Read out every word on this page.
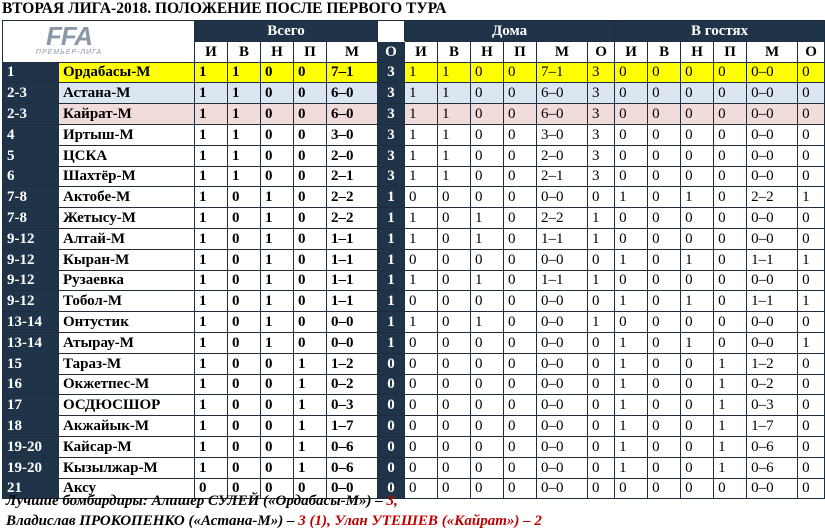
ВТОРАЯ ЛИГА-2018. ПОЛОЖЕНИЕ ПОСЛЕ ПЕРВОГО ТУРА
FFA
ПРЕМЬЕР-ЛИГА		Всего						Дома						В гостях					
		И	В	Н	П	М	О	И	В	Н	П	М	О	И	В	Н	П	М	О
1	Ордабасы-М	1	1	0	0	7–1	3	1	1	0	0	7–1	3	0	0	0	0	0–0	0
2-3	Астана-М	1	1	0	0	6–0	3	1	1	0	0	6–0	3	0	0	0	0	0–0	0
2-3	Кайрат-М	1	1	0	0	6–0	3	1	1	0	0	6–0	3	0	0	0	0	0–0	0
4	Иртыш-М	1	1	0	0	3–0	3	1	1	0	0	3–0	3	0	0	0	0	0–0	0
5	ЦСКА	1	1	0	0	2–0	3	1	1	0	0	2–0	3	0	0	0	0	0–0	0
6	Шахтёр-М	1	1	0	0	2–1	3	1	1	0	0	2–1	3	0	0	0	0	0–0	0
7-8	Актобе-М	1	0	1	0	2–2	1	0	0	0	0	0–0	0	1	0	1	0	2–2	1
7-8	Жетысу-М	1	0	1	0	2–2	1	1	0	1	0	2–2	1	0	0	0	0	0–0	0
9-12	Алтай-М	1	0	1	0	1–1	1	1	0	1	0	1–1	1	0	0	0	0	0–0	0
9-12	Кыран-М	1	0	1	0	1–1	1	0	0	0	0	0–0	0	1	0	1	0	1–1	1
9-12	Рузаевка	1	0	1	0	1–1	1	1	0	1	0	1–1	1	0	0	0	0	0–0	0
9-12	Тобол-М	1	0	1	0	1–1	1	0	0	0	0	0–0	0	1	0	1	0	1–1	1
13-14	Онтустик	1	0	1	0	0–0	1	1	0	1	0	0–0	1	0	0	0	0	0–0	0
13-14	Атырау-М	1	0	1	0	0–0	1	0	0	0	0	0–0	0	1	0	1	0	0–0	1
15	Тараз-М	1	0	0	1	1–2	0	0	0	0	0	0–0	0	1	0	0	1	1–2	0
16	Окжетпес-М	1	0	0	1	0–2	0	0	0	0	0	0–0	0	1	0	0	1	0–2	0
17	ОСДЮСШОР	1	0	0	1	0–3	0	0	0	0	0	0–0	0	1	0	0	1	0–3	0
18	Акжайык-М	1	0	0	1	1–7	0	0	0	0	0	0–0	0	1	0	0	1	1–7	0
19-20	Кайсар-М	1	0	0	1	0–6	0	0	0	0	0	0–0	0	1	0	0	1	0–6	0
19-20	Кызылжар-М	1	0	0	1	0–6	0	0	0	0	0	0–0	0	1	0	0	1	0–6	0
21	Аксу	0	0	0	0	0–0	0	0	0	0	0	0–0	0	0	0	0	0	0–0	0
Лучшие бомбардиры: Алишер СУЛЕЙ («Ордабасы-М») – 3,
Владислав ПРОКОПЕНКО («Астана-М») – 3 (1), Улан УТЕШЕВ («Кайрат») – 2
